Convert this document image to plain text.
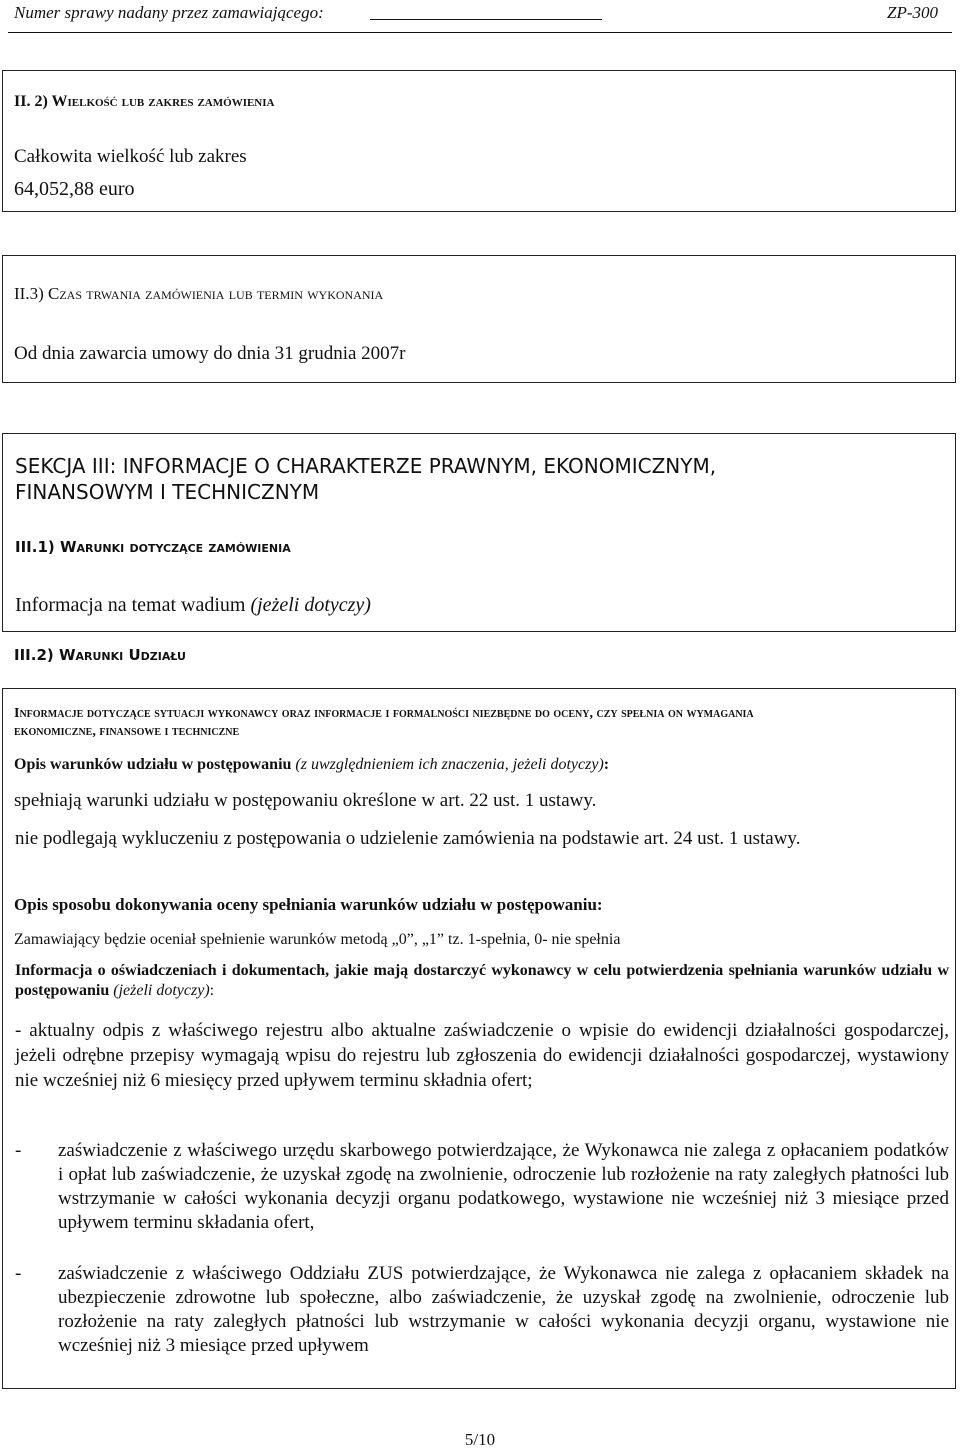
Numer sprawy nadany przez zamawiającego:	ZP-300
II. 2) Wielkość lub zakres zamówienia
Całkowita wielkość lub zakres
64,052,88 euro
II.3) Czas trwania zamówienia lub termin wykonania
Od dnia zawarcia umowy do dnia 31 grudnia 2007r
SEKCJA III: INFORMACJE O CHARAKTERZE PRAWNYM, EKONOMICZNYM,
FINANSOWYM I TECHNICZNYM
III.1) Warunki dotyczące zamówienia
Informacja na temat wadium (jeżeli dotyczy)
III.2) Warunki Udziału
Informacje dotyczące sytuacji wykonawcy oraz informacje i formalności niezbędne do oceny, czy spełnia on wymagania
ekonomiczne, finansowe i techniczne
Opis warunków udziału w postępowaniu (z uwzględnieniem ich znaczenia, jeżeli dotyczy):
spełniają warunki udziału w postępowaniu określone w art. 22 ust. 1 ustawy.
nie podlegają wykluczeniu z postępowania o udzielenie zamówienia na podstawie art. 24 ust. 1 ustawy.
Opis sposobu dokonywania oceny spełniania warunków udziału w postępowaniu:
Zamawiający będzie oceniał spełnienie warunków metodą „0”, „1” tz. 1-spełnia, 0- nie spełnia
Informacja o oświadczeniach i dokumentach, jakie mają dostarczyć wykonawcy w celu potwierdzenia spełniania warunków udziału w postępowaniu (jeżeli dotyczy):
- aktualny odpis z właściwego rejestru albo aktualne zaświadczenie o wpisie do ewidencji działalności gospodarczej, jeżeli odrębne przepisy wymagają wpisu do rejestru lub zgłoszenia do ewidencji działalności gospodarczej, wystawiony nie wcześniej niż 6 miesięcy przed upływem terminu składnia ofert;
- zaświadczenie z właściwego urzędu skarbowego potwierdzające, że Wykonawca nie zalega z opłacaniem podatków i opłat lub zaświadczenie, że uzyskał zgodę na zwolnienie, odroczenie lub rozłożenie na raty zaległych płatności lub wstrzymanie w całości wykonania decyzji organu podatkowego, wystawione nie wcześniej niż 3 miesiące przed upływem terminu składania ofert,
- zaświadczenie z właściwego Oddziału ZUS potwierdzające, że Wykonawca nie zalega z opłacaniem składek na ubezpieczenie zdrowotne lub społeczne, albo zaświadczenie, że uzyskał zgodę na zwolnienie, odroczenie lub rozłożenie na raty zaległych płatności lub wstrzymanie w całości wykonania decyzji organu, wystawione nie wcześniej niż 3 miesiące przed upływem
5/10
